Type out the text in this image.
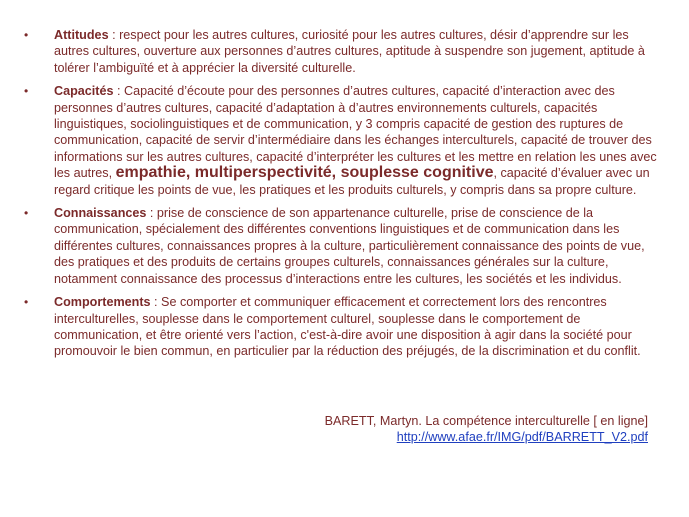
• Attitudes : respect pour les autres cultures, curiosité pour les autres cultures, désir d’apprendre sur les autres cultures, ouverture aux personnes d’autres cultures, aptitude à suspendre son jugement, aptitude à tolérer l’ambiguïté et à apprécier la diversité culturelle.
• Capacités : Capacité d’écoute pour des personnes d’autres cultures, capacité d’interaction avec des personnes d’autres cultures, capacité d’adaptation à d’autres environnements culturels, capacités linguistiques, sociolinguistiques et de communication, y 3 compris capacité de gestion des ruptures de communication, capacité de servir d’intermédiaire dans les échanges interculturels, capacité de trouver des informations sur les autres cultures, capacité d’interpréter les cultures et les mettre en relation les unes avec les autres, empathie, multiperspectivité, souplesse cognitive, capacité d’évaluer avec un regard critique les points de vue, les pratiques et les produits culturels, y compris dans sa propre culture.
• Connaissances : prise de conscience de son appartenance culturelle, prise de conscience de la communication, spécialement des différentes conventions linguistiques et de communication dans les différentes cultures, connaissances propres à la culture, particulièrement connaissance des points de vue, des pratiques et des produits de certains groupes culturels, connaissances générales sur la culture, notamment connaissance des processus d’interactions entre les cultures, les sociétés et les individus.
• Comportements : Se comporter et communiquer efficacement et correctement lors des rencontres interculturelles, souplesse dans le comportement culturel, souplesse dans le comportement de communication, et être orienté vers l’action, c'est-à-dire avoir une disposition à agir dans la société pour promouvoir le bien commun, en particulier par la réduction des préjugés, de la discrimination et du conflit.
BARETT, Martyn. La compétence interculturelle [ en ligne]
http://www.afae.fr/IMG/pdf/BARRETT_V2.pdf
